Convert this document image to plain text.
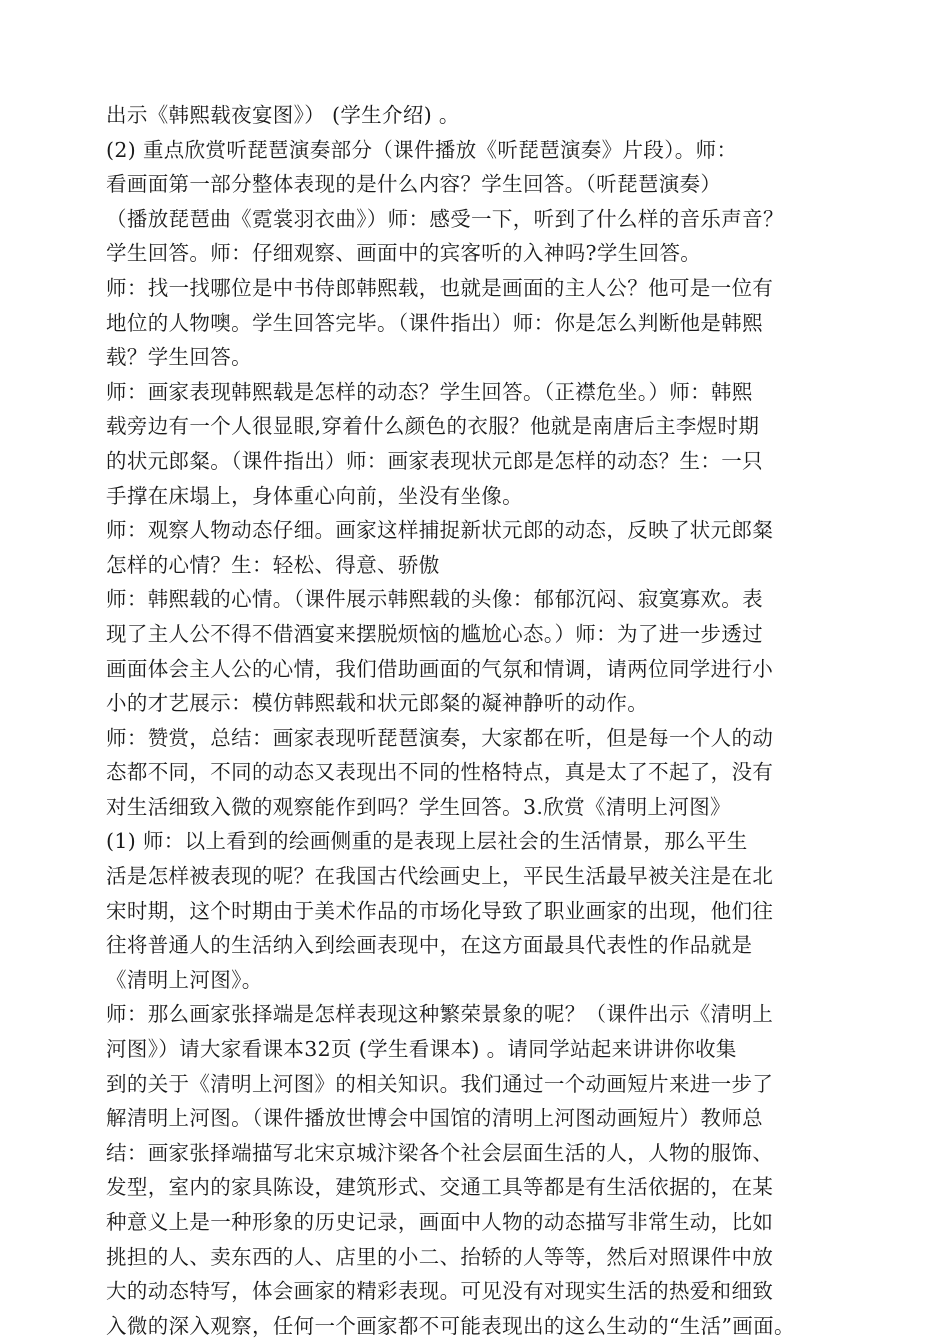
出示《韩熙载夜宴图》） (学生介绍) 。
(2) 重点欣赏听琵琶演奏部分（课件播放《听琵琶演奏》片段）。师：
看画面第一部分整体表现的是什么内容？学生回答。（听琵琶演奏）
（播放琵琶曲《霓裳羽衣曲》）师：感受一下，听到了什么样的音乐声音？
学生回答。师：仔细观察、画面中的宾客听的入神吗?学生回答。
师：找一找哪位是中书侍郎韩熙载，也就是画面的主人公？他可是一位有
地位的人物噢。学生回答完毕。（课件指出）师：你是怎么判断他是韩熙
载？学生回答。
师：画家表现韩熙载是怎样的动态？学生回答。（正襟危坐。）师：韩熙
载旁边有一个人很显眼,穿着什么颜色的衣服？他就是南唐后主李煜时期
的状元郎粲。（课件指出）师：画家表现状元郎是怎样的动态？生：一只
手撑在床塌上，身体重心向前，坐没有坐像。
师：观察人物动态仔细。画家这样捕捉新状元郎的动态，反映了状元郎粲
怎样的心情？生：轻松、得意、骄傲
师：韩熙载的心情。（课件展示韩熙载的头像：郁郁沉闷、寂寞寡欢。表
现了主人公不得不借酒宴来摆脱烦恼的尴尬心态。）师：为了进一步透过
画面体会主人公的心情，我们借助画面的气氛和情调，请两位同学进行小
小的才艺展示：模仿韩熙载和状元郎粲的凝神静听的动作。
师：赞赏，总结：画家表现听琵琶演奏，大家都在听，但是每一个人的动
态都不同，不同的动态又表现出不同的性格特点，真是太了不起了，没有
对生活细致入微的观察能作到吗？学生回答。3.欣赏《清明上河图》
(1) 师：以上看到的绘画侧重的是表现上层社会的生活情景，那么平生
活是怎样被表现的呢？在我国古代绘画史上，平民生活最早被关注是在北
宋时期，这个时期由于美术作品的市场化导致了职业画家的出现，他们往
往将普通人的生活纳入到绘画表现中，在这方面最具代表性的作品就是
《清明上河图》。
师：那么画家张择端是怎样表现这种繁荣景象的呢？（课件出示《清明上
河图》）请大家看课本32页 (学生看课本) 。请同学站起来讲讲你收集
到的关于《清明上河图》的相关知识。我们通过一个动画短片来进一步了
解清明上河图。（课件播放世博会中国馆的清明上河图动画短片）教师总
结：画家张择端描写北宋京城汴梁各个社会层面生活的人，人物的服饰、
发型，室内的家具陈设，建筑形式、交通工具等都是有生活依据的，在某
种意义上是一种形象的历史记录，画面中人物的动态描写非常生动，比如
挑担的人、卖东西的人、店里的小二、抬轿的人等等，然后对照课件中放
大的动态特写，体会画家的精彩表现。可见没有对现实生活的热爱和细致
入微的深入观察，任何一个画家都不可能表现出的这么生动的“生活”画面。
